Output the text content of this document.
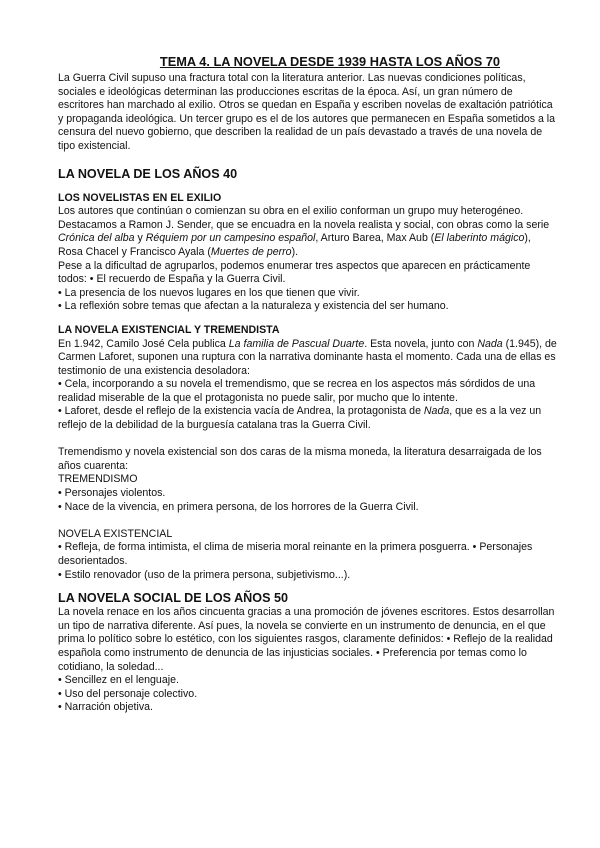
TEMA 4. LA NOVELA DESDE 1939 HASTA LOS AÑOS 70

La Guerra Civil supuso una fractura total con la literatura anterior. Las nuevas condiciones políticas, sociales e ideológicas determinan las producciones escritas de la época. Así, un gran número de escritores han marchado al exilio. Otros se quedan en España y escriben novelas de exaltación patriótica y propaganda ideológica. Un tercer grupo es el de los autores que permanecen en España sometidos a la censura del nuevo gobierno, que describen la realidad de un país devastado a través de una novela de tipo existencial.

LA NOVELA DE LOS AÑOS 40
LOS NOVELISTAS EN EL EXILIO

Los autores que continúan o comienzan su obra en el exilio conforman un grupo muy heterogéneo. Destacamos a Ramon J. Sender, que se encuadra en la novela realista y social, con obras como la serie Crónica del alba y Réquiem por un campesino español, Arturo Barea, Max Aub (El laberinto mágico), Rosa Chacel y Francisco Ayala (Muertes de perro).

Pese a la dificultad de agruparlos, podemos enumerar tres aspectos que aparecen en prácticamente todos: • El recuerdo de España y la Guerra Civil.

• La presencia de los nuevos lugares en los que tienen que vivir.

• La reflexión sobre temas que afectan a la naturaleza y existencia del ser humano.

LA NOVELA EXISTENCIAL Y TREMENDISTA

En 1.942, Camilo José Cela publica La familia de Pascual Duarte. Esta novela, junto con Nada (1.945), de Carmen Laforet, suponen una ruptura con la narrativa dominante hasta el momento. Cada una de ellas es testimonio de una existencia desoladora:

• Cela, incorporando a su novela el tremendismo, que se recrea en los aspectos más sórdidos de una realidad miserable de la que el protagonista no puede salir, por mucho que lo intente.

• Laforet, desde el reflejo de la existencia vacía de Andrea, la protagonista de Nada, que es a la vez un reflejo de la debilidad de la burguesía catalana tras la Guerra Civil.

Tremendismo y novela existencial son dos caras de la misma moneda, la literatura desarraigada de los años cuarenta:

TREMENDISMO

• Personajes violentos.

• Nace de la vivencia, en primera persona, de los horrores de la Guerra Civil.

NOVELA EXISTENCIAL

• Refleja, de forma intimista, el clima de miseria moral reinante en la primera posguerra. • Personajes desorientados.

• Estilo renovador (uso de la primera persona, subjetivismo...).

LA NOVELA SOCIAL DE LOS AÑOS 50

La novela renace en los años cincuenta gracias a una promoción de jóvenes escritores. Estos desarrollan un tipo de narrativa diferente. Así pues, la novela se convierte en un instrumento de denuncia, en el que prima lo político sobre lo estético, con los siguientes rasgos, claramente definidos: • Reflejo de la realidad española como instrumento de denuncia de las injusticias sociales. • Preferencia por temas como lo cotidiano, la soledad...

• Sencillez en el lenguaje.

• Uso del personaje colectivo.

• Narración objetiva.
